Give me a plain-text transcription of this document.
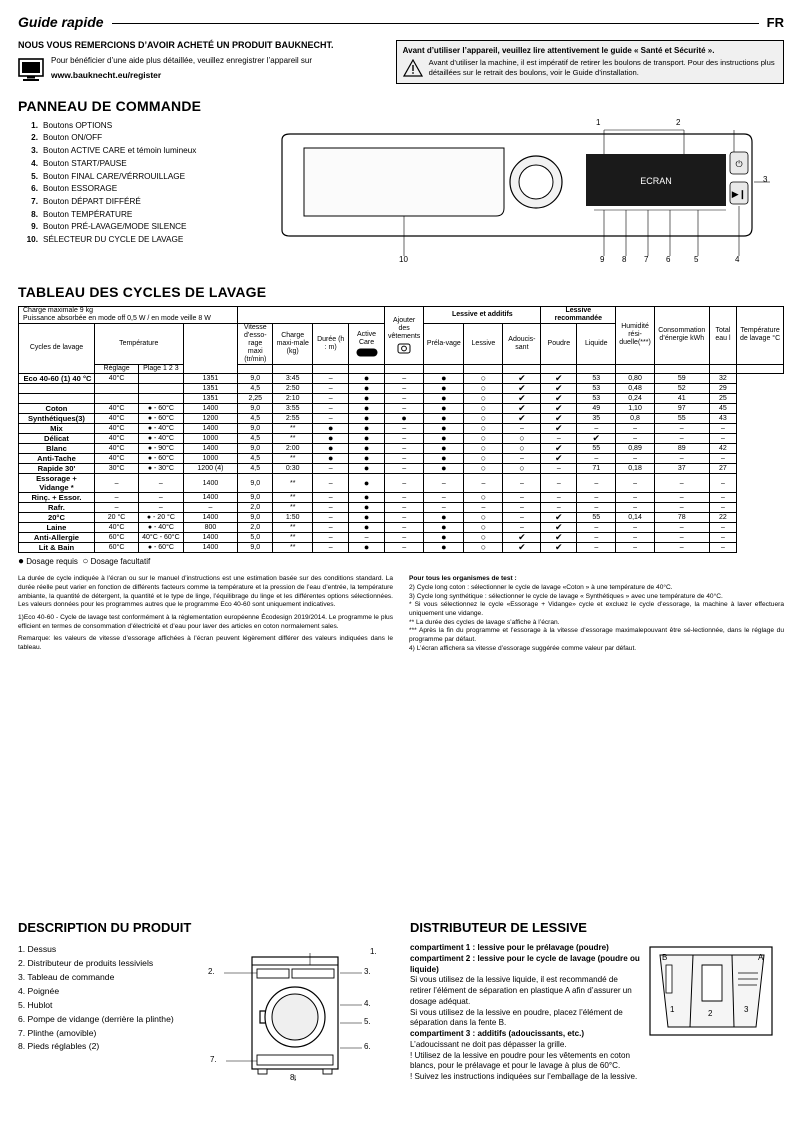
Guide rapide	FR
NOUS VOUS REMERCIONS D’AVOIR ACHETÉ UN PRODUIT BAUKNECHT.
Pour bénéficier d’une aide plus détaillée, veuillez enregistrer l’appareil sur
www.bauknecht.eu/register
Avant d’utiliser l’appareil, veuillez lire attentivement le guide « Santé et Sécurité ».
Avant d’utiliser la machine, il est impératif de retirer les boulons de transport. Pour des instructions plus détaillées sur le retrait des boulons, voir le Guide d’installation.
PANNEAU DE COMMANDE
1. Boutons OPTIONS
2. Bouton ON/OFF
3. Bouton ACTIVE CARE et témoin lumineux
4. Bouton START/PAUSE
5. Bouton FINAL CARE/VÉRROUILLAGE
6. Bouton ESSORAGE
7. Bouton DÉPART DIFFÉRÉ
8. Bouton TEMPÉRATURE
9. Bouton PRÉ-LAVAGE/MODE SILENCE
10. SÉLECTEUR DU CYCLE DE LAVAGE
ECRAN
⏻
▶❙
1	2
3
10	9 8 7 6	5	4
TABLEAU DES CYCLES DE LAVAGE
Charge maximale 9 kg
Puissance absorbée en mode off 0,5 W / en mode veille 8 W								Ajouter des vêtements	Lessive et additifs			Lessive recommandée		Humidité rési-duelle(***)	Consommation d’énergie kWh	Total eau l	Température de lavage °C
				Vitesse d’esso-rage maxi (tr/min)	Charge maxi-male (kg)	Durée (h : m)	Active Care		Préla-vage	Lessive	Adoucis-sant	Poudre	Liquide				
Cycles de lavage	Température																
	Réglage	Plage 1 2 3															
Eco 40-60 (1) 40 °C	40°C		1351	9,0	3:45	–	●	–	●	○	✔	✔	53	0,80	59	32	
			1351	4,5	2:50	–	●	–	●	○	✔	✔	53	0,48	52	29	
			1351	2,25	2:10	–	●	–	●	○	✔	✔	53	0,24	41	25	
Coton	40°C	● - 60°C	1400	9,0	3:55	–	●	–	●	○	✔	✔	49	1,10	97	45	
Synthétiques(3)	40°C	● - 60°C	1200	4,5	2:55	–	●	●	●	○	✔	✔	35	0,8	55	43	
Mix	40°C	● - 40°C	1400	9,0	**	●	●	–	●	○	–	✔	–	–	–	–	
Délicat	40°C	● - 40°C	1000	4,5	**	●	●	–	●	○	○	–	✔	–	–	–	
Blanc	40°C	● - 90°C	1400	9,0	2:00	●	●	–	●	○	○	✔	55	0,89	89	42	
Anti-Tache	40°C	● - 60°C	1000	4,5	**	●	●	–	●	○	–	✔	–	–	–	–	
Rapide 30'	30°C	● - 30°C	1200 (4)	4,5	0:30	–	●	–	●	○	○	–	71	0,18	37	27	
Essorage + Vidange *	–	–	1400	9,0	**	–	●	–	–	–	–	–	–	–	–	–	
Rinç. + Essor.	–	–	1400	9,0	**	–	●	–	–	○	–	–	–	–	–	–	
Rafr.	–	–	–	2,0	**	–	●	–	–	–	–	–	–	–	–	–	
20°C	20 °C	● - 20 °C	1400	9,0	1:50	–	●	–	●	○	–	✔	55	0,14	78	22	
Laine	40°C	● - 40°C	800	2,0	**	–	●	–	●	○	–	✔	–	–	–	–	
Anti-Allergie	60°C	40°C - 60°C	1400	5,0	**	–	–	–	●	○	✔	✔	–	–	–	–	
Lit & Bain	60°C	● - 60°C	1400	9,0	**	–	●	–	●	○	✔	✔	–	–	–	–	
● Dosage requis ○ Dosage facultatif

La durée de cycle indiquée à l’écran ou sur le manuel d’instructions est une estimation basée sur des conditions standard. La durée réelle peut varier en fonction de différents facteurs comme la température et la pression de l’eau d’entrée, la température ambiante, la quantité de détergent, la quantité et le type de linge, l’équilibrage du linge et les différentes options sélectionnées. Les valeurs données pour les programmes autres que le programme Eco 40-60 sont uniquement indicatives.

1)Eco 40-60 - Cycle de lavage test conformément à la réglementation européenne Écodesign 2019/2014. Le programme le plus efficient en termes de consommation d’électricité et d’eau pour laver des articles en coton normalement sales.

Remarque: les valeurs de vitesse d’essorage affichées à l’écran peuvent légèrement différer des valeurs indiquées dans le tableau.

Pour tous les organismes de test :

2) Cycle long coton : sélectionner le cycle de lavage «Coton » à une température de 40°C.

3) Cycle long synthétique : sélectionner le cycle de lavage « Synthétiques » avec une température de 40°C.

* Si vous sélectionnez le cycle «Essorage + Vidange» cycle et excluez le cycle d’essorage, la machine à laver effectuera uniquement une vidange.

** La durée des cycles de lavage s’affiche à l’écran.

*** Après la fin du programme et l’essorage à la vitesse d’essorage maximalepouvant être sé-lectionnée, dans le réglage du programme par défaut.

4) L’écran affichera sa vitesse d’essorage suggérée comme valeur par défaut.

DESCRIPTION DU PRODUIT
1. Dessus
2. Distributeur de produits lessiviels
3. Tableau de commande
4. Poignée
5. Hublot
6. Pompe de vidange (derrière la plinthe)
7. Plinthe (amovible)
8. Pieds réglables (2)
1.
2.	3.
4.
5.
6.
7.
8.
DISTRIBUTEUR DE LESSIVE
compartiment 1 : lessive pour le prélavage (poudre)
compartiment 2 : lessive pour le cycle de lavage (poudre ou liquide)
Si vous utilisez de la lessive liquide, il est recommandé de retirer l’élément de séparation en plastique A afin d’assurer un dosage adéquat.
Si vous utilisez de la lessive en poudre, placez l’élément de séparation dans la fente B.
compartiment 3 : additifs (adoucissants, etc.)
L’adoucissant ne doit pas dépasser la grille.
! Utilisez de la lessive en poudre pour les vêtements en coton blancs, pour le prélavage et pour le lavage à plus de 60°C.
! Suivez les instructions indiquées sur l’emballage de la lessive.
B	A
1	2	3
